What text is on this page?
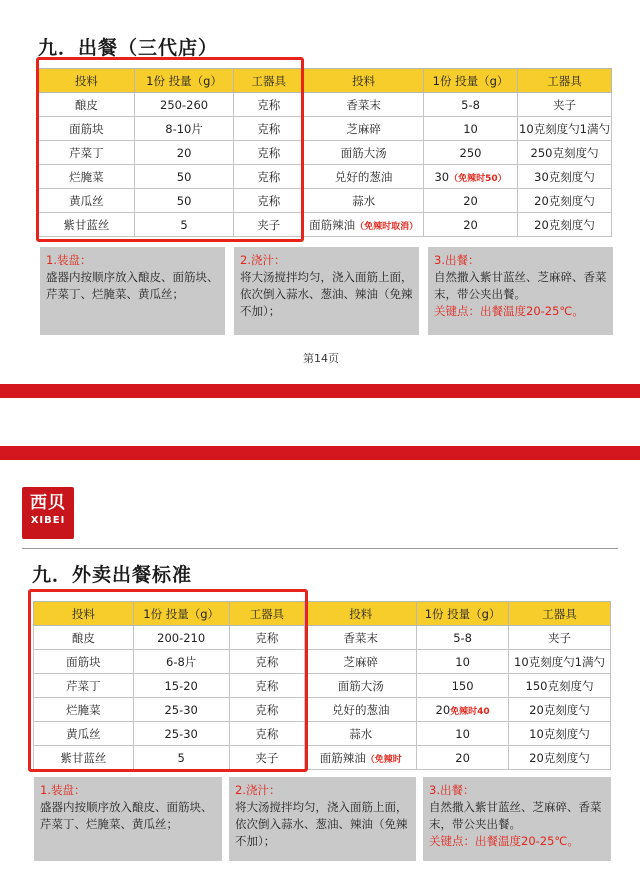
九．出餐（三代店）
投料	1份 投量（g）	工器具	投料	1份 投量（g）	工器具
酿皮	250-260	克称	香菜末	5-8	夹子
面筋块	8-10片	克称	芝麻碎	10	10克刻度勺1满勺
芹菜丁	20	克称	面筋大汤	250	250克刻度勺
烂腌菜	50	克称	兑好的葱油	30（免辣时50）	30克刻度勺
黄瓜丝	50	克称	蒜水	20	20克刻度勺
紫甘蓝丝	5	夹子	面筋辣油（免辣时取消）	20	20克刻度勺
1.装盘：
盛器内按顺序放入酿皮、面筋块、芹菜丁、烂腌菜、黄瓜丝；
2.浇汁：
将大汤搅拌均匀，浇入面筋上面，依次倒入蒜水、葱油、辣油（免辣不加）；
3.出餐：
自然撒入紫甘蓝丝、芝麻碎、香菜末，带公夹出餐。
关键点：出餐温度20-25℃。
第14页
西贝
XIBEI
九．外卖出餐标准
投料	1份 投量（g）	工器具	投料	1份 投量（g）	工器具
酿皮	200-210	克称	香菜末	5-8	夹子
面筋块	6-8片	克称	芝麻碎	10	10克刻度勺1满勺
芹菜丁	15-20	克称	面筋大汤	150	150克刻度勺
烂腌菜	25-30	克称	兑好的葱油	20免辣时40	20克刻度勺
黄瓜丝	25-30	克称	蒜水	10	10克刻度勺
紫甘蓝丝	5	夹子	面筋辣油（免辣时	20	20克刻度勺
1.装盘：
盛器内按顺序放入酿皮、面筋块、芹菜丁、烂腌菜、黄瓜丝；
2.浇汁：
将大汤搅拌均匀，浇入面筋上面，依次倒入蒜水、葱油、辣油（免辣不加）；
3.出餐：
自然撒入紫甘蓝丝、芝麻碎、香菜末，带公夹出餐。
关键点：出餐温度20-25℃。
